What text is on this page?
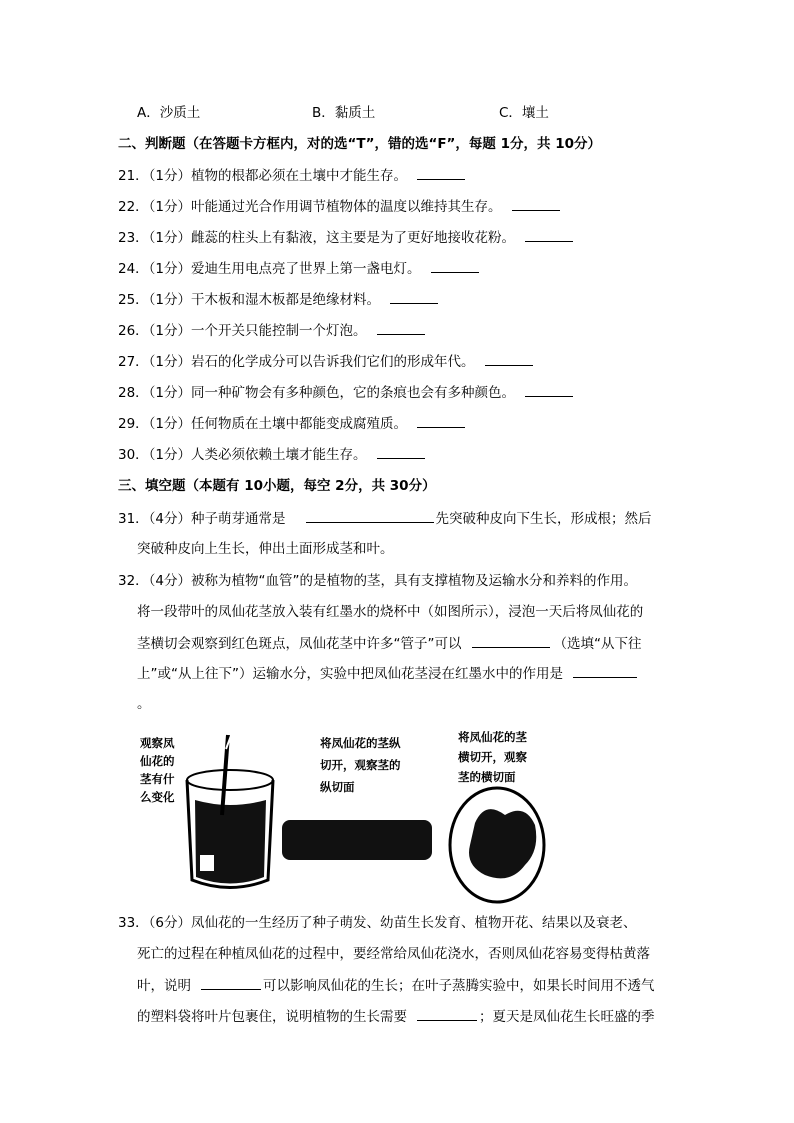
A．沙质土	B．黏质土	C．壤土
二、判断题（在答题卡方框内，对的选“T”，错的选“F”，每题 1分，共 10分）
21．（1分）植物的根都必须在土壤中才能生存。
22．（1分）叶能通过光合作用调节植物体的温度以维持其生存。
23．（1分）雌蕊的柱头上有黏液，这主要是为了更好地接收花粉。
24．（1分）爱迪生用电点亮了世界上第一盏电灯。
25．（1分）干木板和湿木板都是绝缘材料。
26．（1分）一个开关只能控制一个灯泡。
27．（1分）岩石的化学成分可以告诉我们它们的形成年代。
28．（1分）同一种矿物会有多种颜色，它的条痕也会有多种颜色。
29．（1分）任何物质在土壤中都能变成腐殖质。
30．（1分）人类必须依赖土壤才能生存。
三、填空题（本题有 10小题，每空 2分，共 30分）
31．（4分）种子萌芽通常是	先突破种皮向下生长，形成根；然后
突破种皮向上生长，伸出土面形成茎和叶。
32．（4分）被称为植物“血管”的是植物的茎，具有支撑植物及运输水分和养料的作用。
将一段带叶的凤仙花茎放入装有红墨水的烧杯中（如图所示），浸泡一天后将凤仙花的
茎横切会观察到红色斑点，凤仙花茎中许多“管子”可以	（选填“从下往
上”或“从上往下”）运输水分，实验中把凤仙花茎浸在红墨水中的作用是
。
观察凤
仙花的
茎有什
么变化
将凤仙花的茎纵
切开，观察茎的
纵切面
将凤仙花的茎
横切开，观察
茎的横切面
33．（6分）凤仙花的一生经历了种子萌发、幼苗生长发育、植物开花、结果以及衰老、
死亡的过程在种植凤仙花的过程中，要经常给凤仙花浇水，否则凤仙花容易变得枯黄落
叶，说明	可以影响凤仙花的生长；在叶子蒸腾实验中，如果长时间用不透气
的塑料袋将叶片包裹住，说明植物的生长需要	；夏天是凤仙花生长旺盛的季
